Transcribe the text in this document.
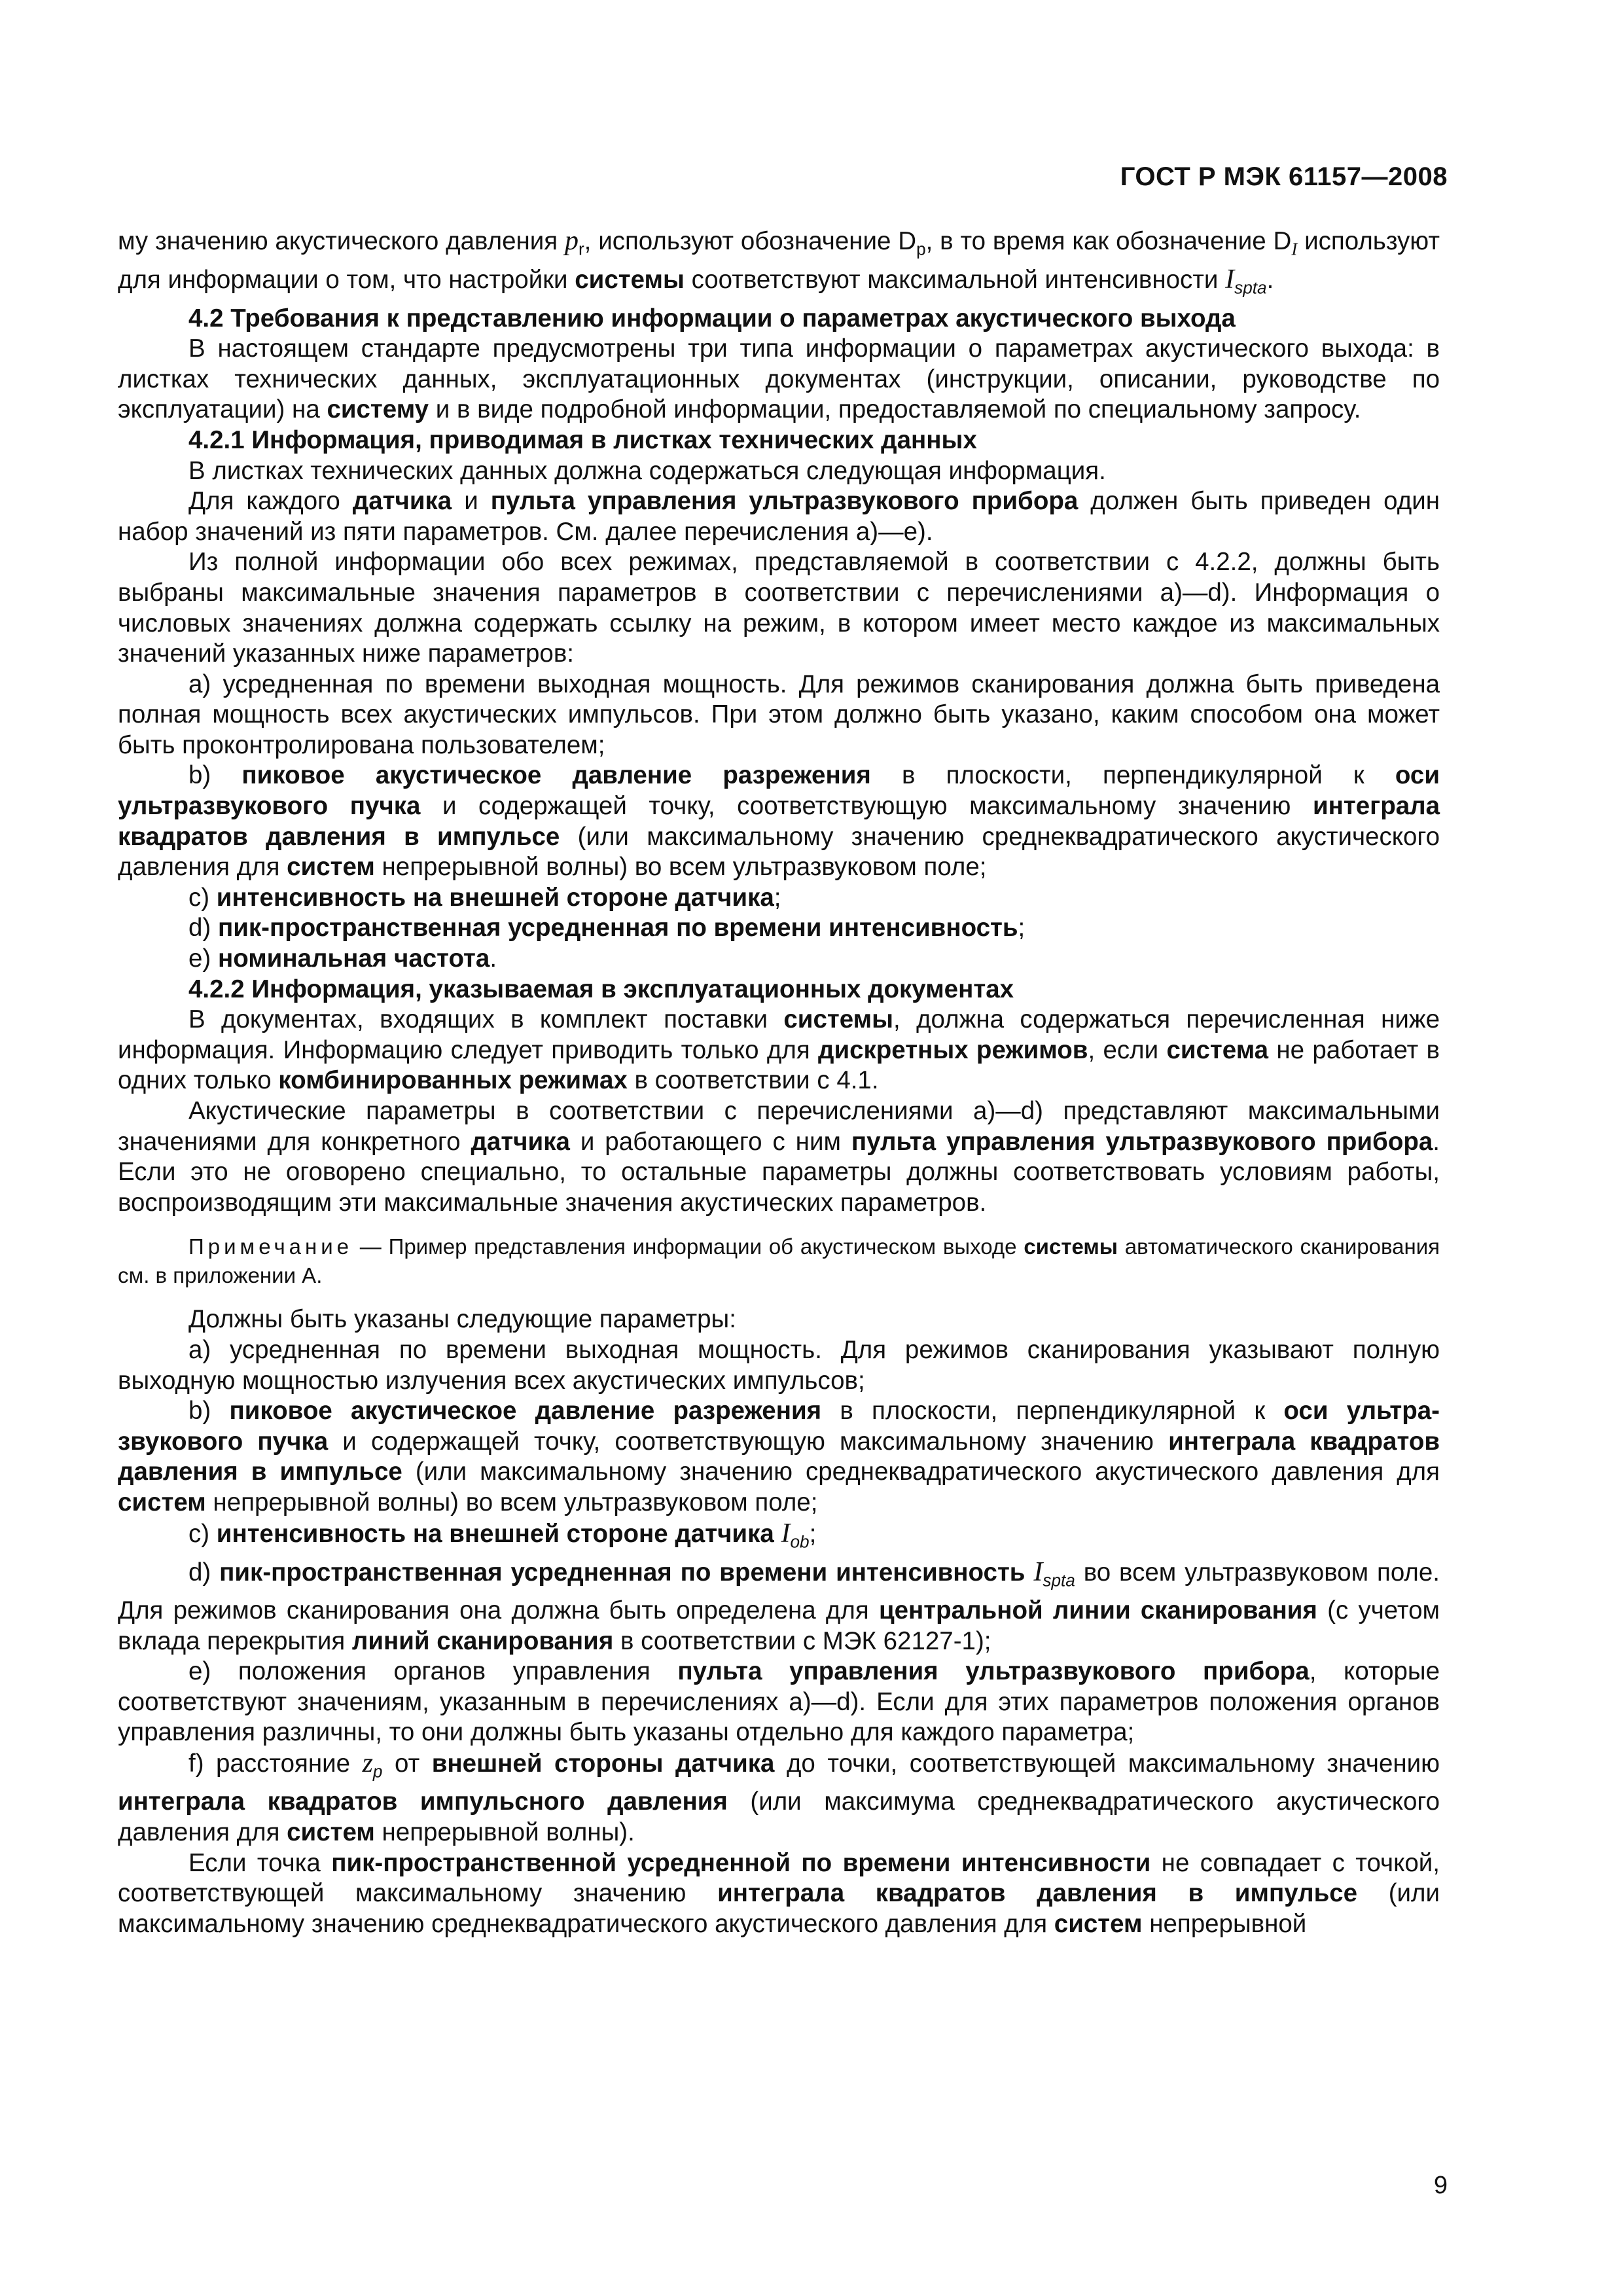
ГОСТ Р МЭК 61157—2008

му значению акустического давления $p_r$, используют обозначение $D_p$, в то время как обозначение $D_I$ используют для информации о том, что настройки системы соответствуют максимальной интенсивности $I_{spta}$.

4.2 Требования к представлению информации о параметрах акустического выхода

В настоящем стандарте предусмотрены три типа информации о параметрах акустического выхода: в листках технических данных, эксплуатационных документах (инструкции, описании, руководстве по эксплуатации) на систему и в виде подробной информации, предоставляемой по специальному запросу.

4.2.1 Информация, приводимая в листках технических данных

В листках технических данных должна содержаться следующая информация.

Для каждого датчика и пульта управления ультразвукового прибора должен быть приведен один набор значений из пяти параметров. См. далее перечисления а)—е).

Из полной информации обо всех режимах, представляемой в соответствии с 4.2.2, должны быть выбраны максимальные значения параметров в соответствии с перечислениями а)—d). Информация о числовых значениях должна содержать ссылку на режим, в котором имеет место каждое из максимальных значений указанных ниже параметров:

а) усредненная по времени выходная мощность. Для режимов сканирования должна быть приведена полная мощность всех акустических импульсов. При этом должно быть указано, каким способом она может быть проконтролирована пользователем;

b) пиковое акустическое давление разрежения в плоскости, перпендикулярной к оси ультразвукового пучка и содержащей точку, соответствующую максимальному значению интеграла квадратов давления в импульсе (или максимальному значению среднеквадратического акустического давления для систем непрерывной волны) во всем ультразвуковом поле;

с) интенсивность на внешней стороне датчика;

d) пик-пространственная усредненная по времени интенсивность;

е) номинальная частота.

4.2.2 Информация, указываемая в эксплуатационных документах

В документах, входящих в комплект поставки системы, должна содержаться перечисленная ниже информация. Информацию следует приводить только для дискретных режимов, если система не работает в одних только комбинированных режимах в соответствии с 4.1.

Акустические параметры в соответствии с перечислениями а)—d) представляют максимальными значениями для конкретного датчика и работающего с ним пульта управления ультразвукового прибора. Если это не оговорено специально, то остальные параметры должны соответствовать условиям работы, воспроизводящим эти максимальные значения акустических параметров.

Примечание — Пример представления информации об акустическом выходе системы автоматического сканирования см. в приложении А.

Должны быть указаны следующие параметры:

а) усредненная по времени выходная мощность. Для режимов сканирования указывают полную выходную мощностью излучения всех акустических импульсов;

b) пиковое акустическое давление разрежения в плоскости, перпендикулярной к оси ультразвукового пучка и содержащей точку, соответствующую максимальному значению интеграла квадратов давления в импульсе (или максимальному значению среднеквадратического акустического давления для систем непрерывной волны) во всем ультразвуковом поле;

с) интенсивность на внешней стороне датчика $I_{ob}$;

d) пик-пространственная усредненная по времени интенсивность $I_{spta}$ во всем ультразвуковом поле. Для режимов сканирования она должна быть определена для центральной линии сканирования (с учетом вклада перекрытия линий сканирования в соответствии с МЭК 62127-1);

е) положения органов управления пульта управления ультразвукового прибора, которые соответствуют значениям, указанным в перечислениях а)—d). Если для этих параметров положения органов управления различны, то они должны быть указаны отдельно для каждого параметра;

f) расстояние $z_p$ от внешней стороны датчика до точки, соответствующей максимальному значению интеграла квадратов импульсного давления (или максимума среднеквадратического акустического давления для систем непрерывной волны).

Если точка пик-пространственной усредненной по времени интенсивности не совпадает с точкой, соответствующей максимальному значению интеграла квадратов давления в импульсе (или максимальному значению среднеквадратического акустического давления для систем непрерывной

9
